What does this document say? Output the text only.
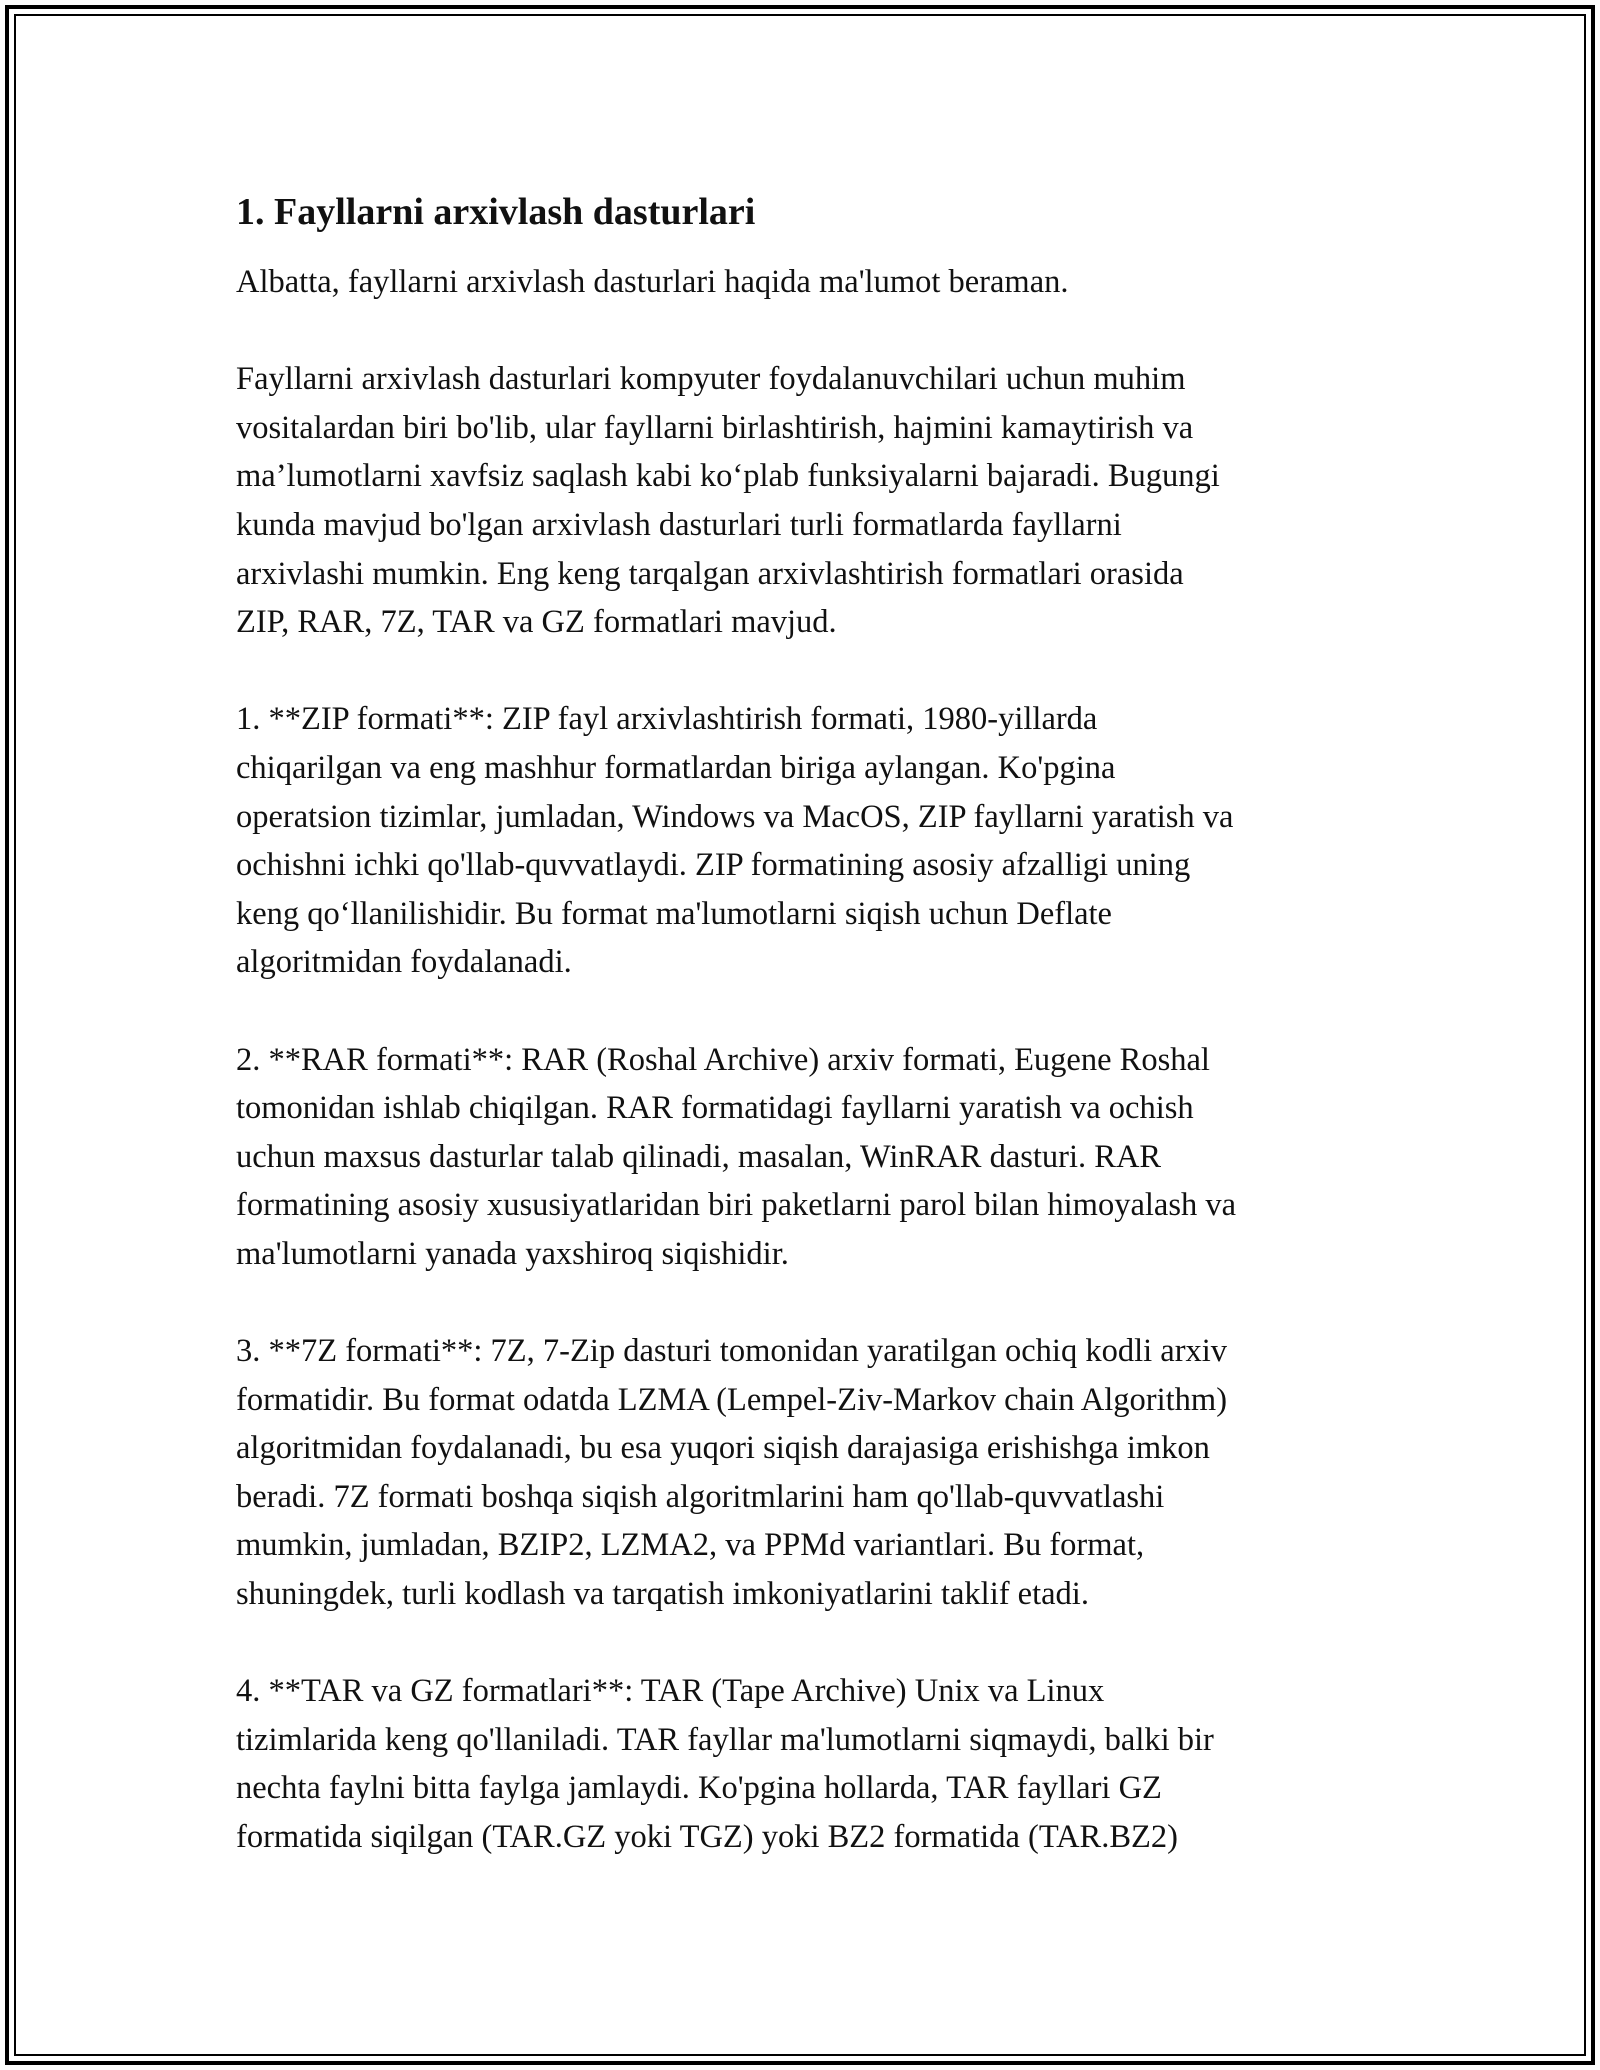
1. Fayllarni arxivlash dasturlari

Albatta, fayllarni arxivlash dasturlari haqida ma'lumot beraman.

Fayllarni arxivlash dasturlari kompyuter foydalanuvchilari uchun muhim
vositalardan biri bo'lib, ular fayllarni birlashtirish, hajmini kamaytirish va
ma’lumotlarni xavfsiz saqlash kabi ko‘plab funksiyalarni bajaradi. Bugungi
kunda mavjud bo'lgan arxivlash dasturlari turli formatlarda fayllarni
arxivlashi mumkin. Eng keng tarqalgan arxivlashtirish formatlari orasida
ZIP, RAR, 7Z, TAR va GZ formatlari mavjud.

1. **ZIP formati**: ZIP fayl arxivlashtirish formati, 1980-yillarda
chiqarilgan va eng mashhur formatlardan biriga aylangan. Ko'pgina
operatsion tizimlar, jumladan, Windows va MacOS, ZIP fayllarni yaratish va
ochishni ichki qo'llab-quvvatlaydi. ZIP formatining asosiy afzalligi uning
keng qo‘llanilishidir. Bu format ma'lumotlarni siqish uchun Deflate
algoritmidan foydalanadi.

2. **RAR formati**: RAR (Roshal Archive) arxiv formati, Eugene Roshal
tomonidan ishlab chiqilgan. RAR formatidagi fayllarni yaratish va ochish
uchun maxsus dasturlar talab qilinadi, masalan, WinRAR dasturi. RAR
formatining asosiy xususiyatlaridan biri paketlarni parol bilan himoyalash va
ma'lumotlarni yanada yaxshiroq siqishidir.

3. **7Z formati**: 7Z, 7-Zip dasturi tomonidan yaratilgan ochiq kodli arxiv
formatidir. Bu format odatda LZMA (Lempel-Ziv-Markov chain Algorithm)
algoritmidan foydalanadi, bu esa yuqori siqish darajasiga erishishga imkon
beradi. 7Z formati boshqa siqish algoritmlarini ham qo'llab-quvvatlashi
mumkin, jumladan, BZIP2, LZMA2, va PPMd variantlari. Bu format,
shuningdek, turli kodlash va tarqatish imkoniyatlarini taklif etadi.

4. **TAR va GZ formatlari**: TAR (Tape Archive) Unix va Linux
tizimlarida keng qo'llaniladi. TAR fayllar ma'lumotlarni siqmaydi, balki bir
nechta faylni bitta faylga jamlaydi. Ko'pgina hollarda, TAR fayllari GZ
formatida siqilgan (TAR.GZ yoki TGZ) yoki BZ2 formatida (TAR.BZ2)
